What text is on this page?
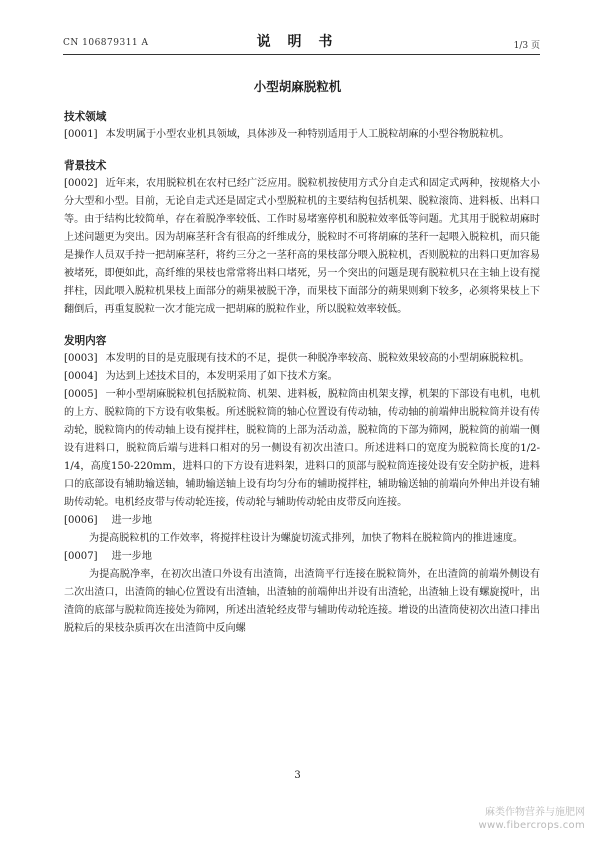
CN 106879311 A	说 明 书	1/3 页
小型胡麻脱粒机
技术领域
[0001] 本发明属于小型农业机具领域，具体涉及一种特别适用于人工脱粒胡麻的小型谷物脱粒机。
背景技术
[0002] 近年来，农用脱粒机在农村已经广泛应用。脱粒机按使用方式分自走式和固定式两种，按规格大小分大型和小型。目前，无论自走式还是固定式小型脱粒机的主要结构包括机架、脱粒滚筒、进料板、出料口等。由于结构比较简单，存在着脱净率较低、工作时易堵塞停机和脱粒效率低等问题。尤其用于脱粒胡麻时上述问题更为突出。因为胡麻茎秆含有很高的纤维成分，脱粒时不可将胡麻的茎秆一起喂入脱粒机，而只能是操作人员双手持一把胡麻茎秆，将约三分之一茎秆高的果枝部分喂入脱粒机，否则脱粒的出料口更加容易被堵死，即便如此，高纤维的果枝也常常将出料口堵死，另一个突出的问题是现有脱粒机只在主轴上设有搅拌柱，因此喂入脱粒机果枝上面部分的蒴果被脱干净，而果枝下面部分的蒴果则剩下较多，必须将果枝上下翻倒后，再重复脱粒一次才能完成一把胡麻的脱粒作业，所以脱粒效率较低。
发明内容
[0003] 本发明的目的是克服现有技术的不足，提供一种脱净率较高、脱粒效果较高的小型胡麻脱粒机。
[0004] 为达到上述技术目的，本发明采用了如下技术方案。
[0005] 一种小型胡麻脱粒机包括脱粒筒、机架、进料板，脱粒筒由机架支撑，机架的下部设有电机，电机的上方、脱粒筒的下方设有收集板。所述脱粒筒的轴心位置设有传动轴，传动轴的前端伸出脱粒筒并设有传动轮，脱粒筒内的传动轴上设有搅拌柱，脱粒筒的上部为活动盖，脱粒筒的下部为筛网，脱粒筒的前端一侧设有进料口，脱粒筒后端与进料口相对的另一侧设有初次出渣口。所述进料口的宽度为脱粒筒长度的1/2-1/4，高度150-220mm，进料口的下方设有进料架，进料口的顶部与脱粒筒连接处设有安全防护板，进料口的底部设有辅助输送轴，辅助输送轴上设有均匀分布的辅助搅拌柱，辅助输送轴的前端向外伸出并设有辅助传动轮。电机经皮带与传动轮连接，传动轮与辅助传动轮由皮带反向连接。
[0006] 进一步地
为提高脱粒机的工作效率，将搅拌柱设计为螺旋切流式排列，加快了物料在脱粒筒内的推进速度。
[0007] 进一步地
为提高脱净率，在初次出渣口外设有出渣筒，出渣筒平行连接在脱粒筒外，在出渣筒的前端外侧设有二次出渣口，出渣筒的轴心位置设有出渣轴，出渣轴的前端伸出并设有出渣轮，出渣轴上设有螺旋搅叶，出渣筒的底部与脱粒筒连接处为筛网，所述出渣轮经皮带与辅助传动轮连接。增设的出渣筒使初次出渣口排出脱粒后的果枝杂质再次在出渣筒中反向螺
3
麻类作物营养与施肥网
www.fibercrops.com
